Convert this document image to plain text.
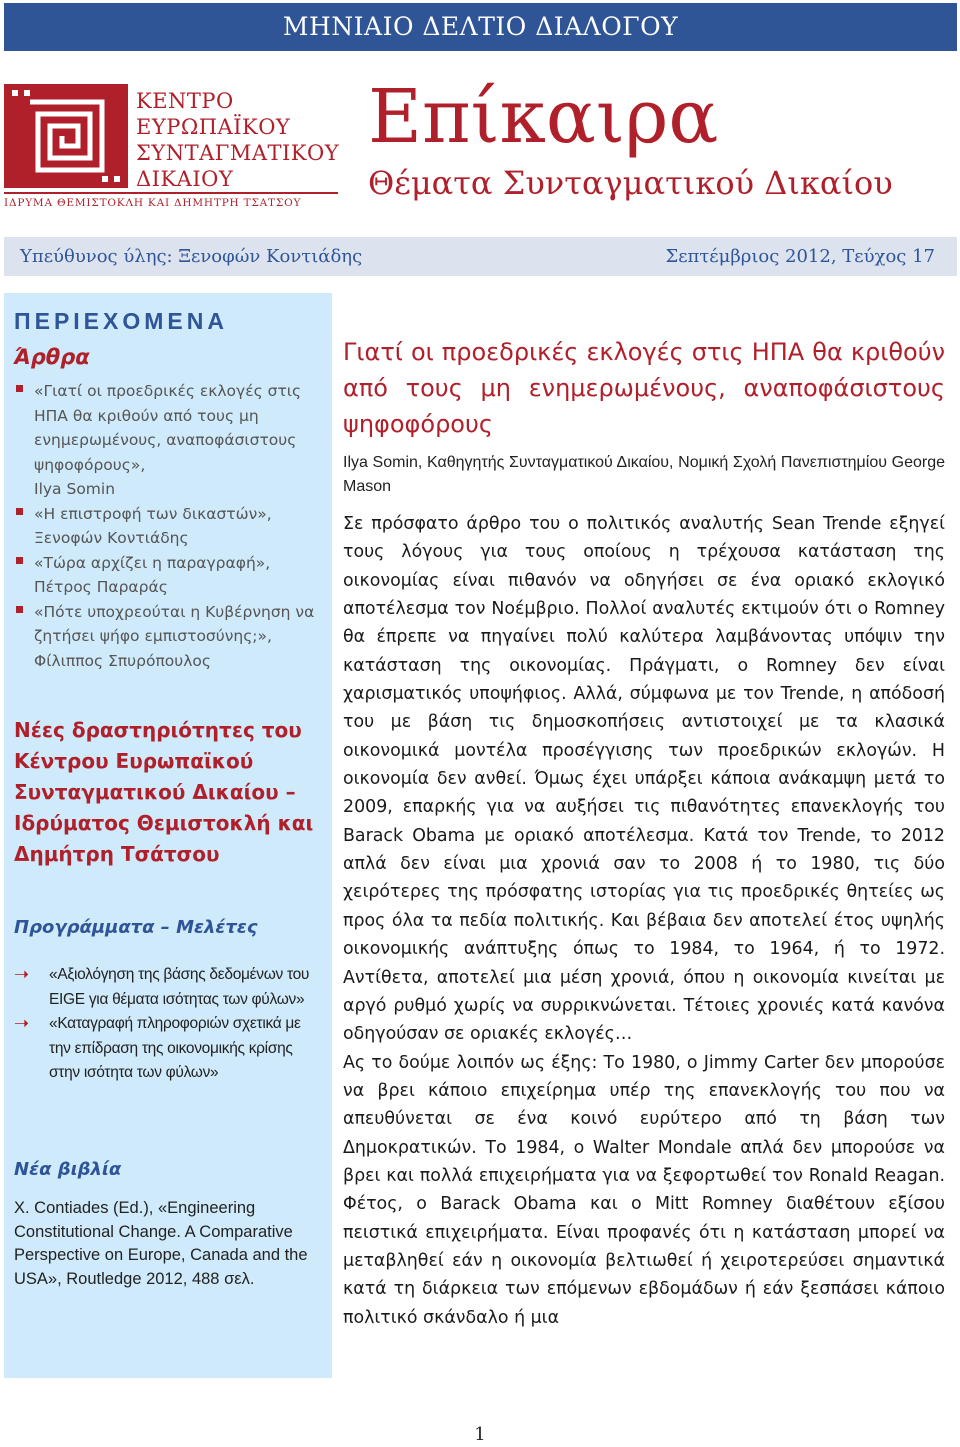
ΜΗΝΙΑΙΟ ΔΕΛΤΙΟ ΔΙΑΛΟΓΟΥ
ΚΕΝΤΡΟ
ΕΥΡΩΠΑΪΚΟΥ
ΣΥΝΤΑΓΜΑΤΙΚΟΥ
ΔΙΚΑΙΟΥ
ΙΔΡΥΜΑ ΘΕΜΙΣΤΟΚΛΗ ΚΑΙ ΔΗΜΗΤΡΗ ΤΣΑΤΣΟΥ
Επίκαιρα
Θέματα Συνταγματικού Δικαίου
Υπεύθυνος ύλης: Ξενοφών Κοντιάδης	Σεπτέμβριος 2012, Τεύχος 17
ΠΕΡΙΕΧΟΜΕΝΑ
Άρθρα
«Γιατί οι προεδρικές εκλογές στις ΗΠΑ θα κριθούν από τους μη ενημερωμένους, αναποφάσιστους ψηφοφόρους»,
Ilya Somin
«Η επιστροφή των δικαστών»,
Ξενοφών Κοντιάδης
«Τώρα αρχίζει η παραγραφή»,
Πέτρος Παραράς
«Πότε υποχρεούται η Κυβέρνηση να ζητήσει ψήφο εμπιστοσύνης;»,
Φίλιππος Σπυρόπουλος
Νέες δραστηριότητες του Κέντρου Ευρωπαϊκού Συνταγματικού Δικαίου – Ιδρύματος Θεμιστοκλή και Δημήτρη Τσάτσου
Προγράμματα – Μελέτες
➝ «Αξιολόγηση της βάσης δεδομένων του EIGE για θέματα ισότητας των φύλων»
➝ «Καταγραφή πληροφοριών σχετικά με την επίδραση της οικονομικής κρίσης στην ισότητα των φύλων»
Νέα βιβλία
X. Contiades (Ed.), «Engineering Constitutional Change. A Comparative Perspective on Europe, Canada and the USA», Routledge 2012, 488 σελ.
Γιατί οι προεδρικές εκλογές στις ΗΠΑ θα κριθούν από τους μη ενημερωμένους, αναποφάσιστους ψηφοφόρους
Ilya Somin, Καθηγητής Συνταγματικού Δικαίου, Νομική Σχολή Πανεπιστημίου George Mason

Σε πρόσφατο άρθρο του ο πολιτικός αναλυτής Sean Trende εξηγεί τους λόγους για τους οποίους η τρέχουσα κατάσταση της οικονομίας είναι πιθανόν να οδηγήσει σε ένα οριακό εκλογικό αποτέλεσμα τον Νοέμβριο. Πολλοί αναλυτές εκτιμούν ότι ο Romney θα έπρεπε να πηγαίνει πολύ καλύτερα λαμβάνοντας υπόψιν την κατάσταση της οικονομίας. Πράγματι, ο Romney δεν είναι χαρισματικός υποψήφιος. Αλλά, σύμφωνα με τον Trende, η απόδοσή του με βάση τις δημοσκοπήσεις αντιστοιχεί με τα κλασικά οικονομικά μοντέλα προσέγγισης των προεδρικών εκλογών. Η οικονομία δεν ανθεί. Όμως έχει υπάρξει κάποια ανάκαμψη μετά το 2009, επαρκής για να αυξήσει τις πιθανότητες επανεκλογής του Barack Obama με οριακό αποτέλεσμα. Κατά τον Trende, το 2012 απλά δεν είναι μια χρονιά σαν το 2008 ή το 1980, τις δύο χειρότερες της πρόσφατης ιστορίας για τις προεδρικές θητείες ως προς όλα τα πεδία πολιτικής. Και βέβαια δεν αποτελεί έτος υψηλής οικονομικής ανάπτυξης όπως το 1984, το 1964, ή το 1972. Αντίθετα, αποτελεί μια μέση χρονιά, όπου η οικονομία κινείται με αργό ρυθμό χωρίς να συρρικνώνεται. Τέτοιες χρονιές κατά κανόνα οδηγούσαν σε οριακές εκλογές…

Ας το δούμε λοιπόν ως έξης: Το 1980, ο Jimmy Carter δεν μπορούσε να βρει κάποιο επιχείρημα υπέρ της επανεκλογής του που να απευθύνεται σε ένα κοινό ευρύτερο από τη βάση των Δημοκρατικών. Το 1984, ο Walter Mondale απλά δεν μπορούσε να βρει και πολλά επιχειρήματα για να ξεφορτωθεί τον Ronald Reagan. Φέτος, ο Barack Obama και ο Mitt Romney διαθέτουν εξίσου πειστικά επιχειρήματα. Είναι προφανές ότι η κατάσταση μπορεί να μεταβληθεί εάν η οικονομία βελτιωθεί ή χειροτερεύσει σημαντικά κατά τη διάρκεια των επόμενων εβδομάδων ή εάν ξεσπάσει κάποιο πολιτικό σκάνδαλο ή μια

1
